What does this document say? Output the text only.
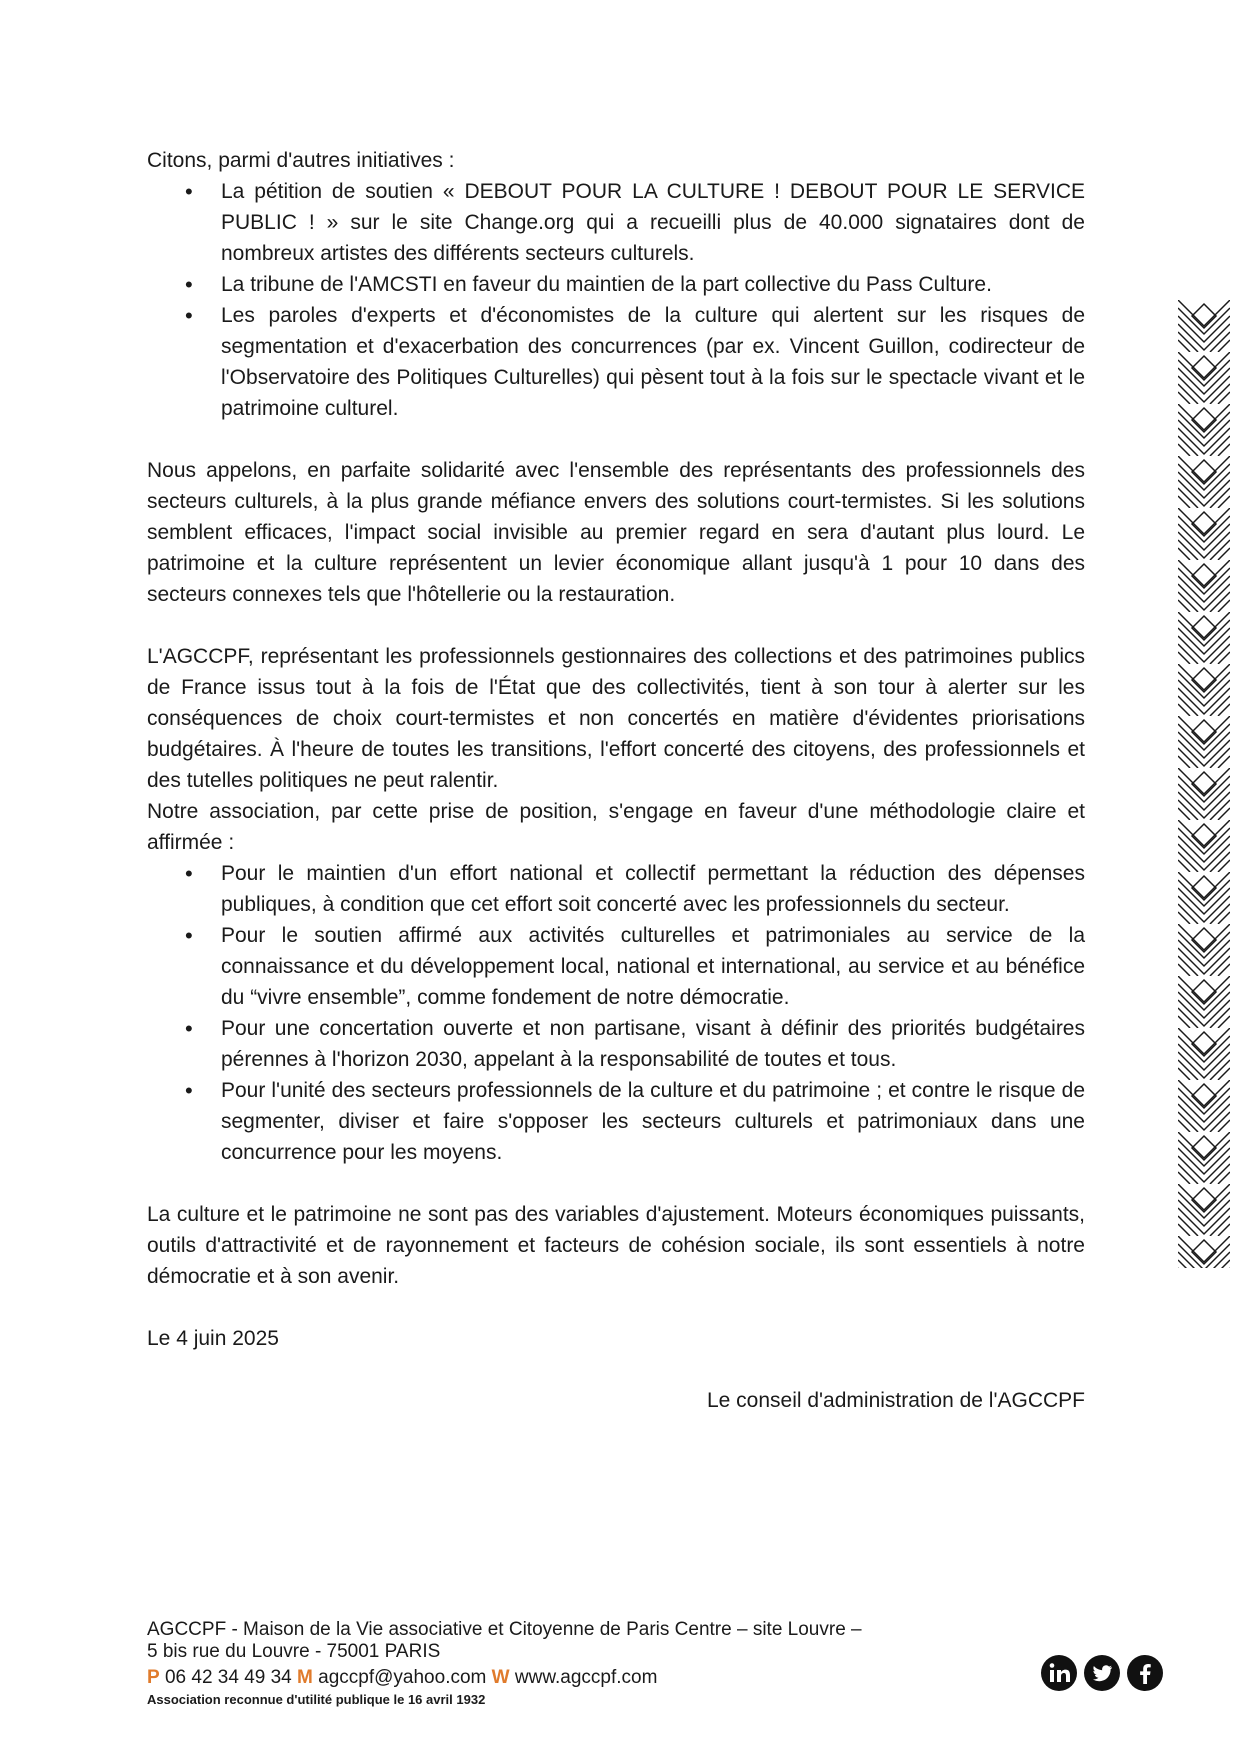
Citons, parmi d'autres initiatives :

• La pétition de soutien « DEBOUT POUR LA CULTURE ! DEBOUT POUR LE SERVICE PUBLIC ! » sur le site Change.org qui a recueilli plus de 40.000 signataires dont de nombreux artistes des différents secteurs culturels.
• La tribune de l'AMCSTI en faveur du maintien de la part collective du Pass Culture.
• Les paroles d'experts et d'économistes de la culture qui alertent sur les risques de segmentation et d'exacerbation des concurrences (par ex. Vincent Guillon, codirecteur de l'Observatoire des Politiques Culturelles) qui pèsent tout à la fois sur le spectacle vivant et le patrimoine culturel.

Nous appelons, en parfaite solidarité avec l'ensemble des représentants des professionnels des secteurs culturels, à la plus grande méfiance envers des solutions court-termistes. Si les solutions semblent efficaces, l'impact social invisible au premier regard en sera d'autant plus lourd. Le patrimoine et la culture représentent un levier économique allant jusqu'à 1 pour 10 dans des secteurs connexes tels que l'hôtellerie ou la restauration.

L'AGCCPF, représentant les professionnels gestionnaires des collections et des patrimoines publics de France issus tout à la fois de l'État que des collectivités, tient à son tour à alerter sur les conséquences de choix court-termistes et non concertés en matière d'évidentes priorisations budgétaires. À l'heure de toutes les transitions, l'effort concerté des citoyens, des professionnels et des tutelles politiques ne peut ralentir.

Notre association, par cette prise de position, s'engage en faveur d'une méthodologie claire et affirmée :

• Pour le maintien d'un effort national et collectif permettant la réduction des dépenses publiques, à condition que cet effort soit concerté avec les professionnels du secteur.
• Pour le soutien affirmé aux activités culturelles et patrimoniales au service de la connaissance et du développement local, national et international, au service et au bénéfice du “vivre ensemble”, comme fondement de notre démocratie.
• Pour une concertation ouverte et non partisane, visant à définir des priorités budgétaires pérennes à l'horizon 2030, appelant à la responsabilité de toutes et tous.
• Pour l'unité des secteurs professionnels de la culture et du patrimoine ; et contre le risque de segmenter, diviser et faire s'opposer les secteurs culturels et patrimoniaux dans une concurrence pour les moyens.

La culture et le patrimoine ne sont pas des variables d'ajustement. Moteurs économiques puissants, outils d'attractivité et de rayonnement et facteurs de cohésion sociale, ils sont essentiels à notre démocratie et à son avenir.

Le 4 juin 2025

Le conseil d'administration de l'AGCCPF

AGCCPF - Maison de la Vie associative et Citoyenne de Paris Centre – site Louvre –
5 bis rue du Louvre - 75001 PARIS
P 06 42 34 49 34 M agccpf@yahoo.com W www.agccpf.com
Association reconnue d'utilité publique le 16 avril 1932
